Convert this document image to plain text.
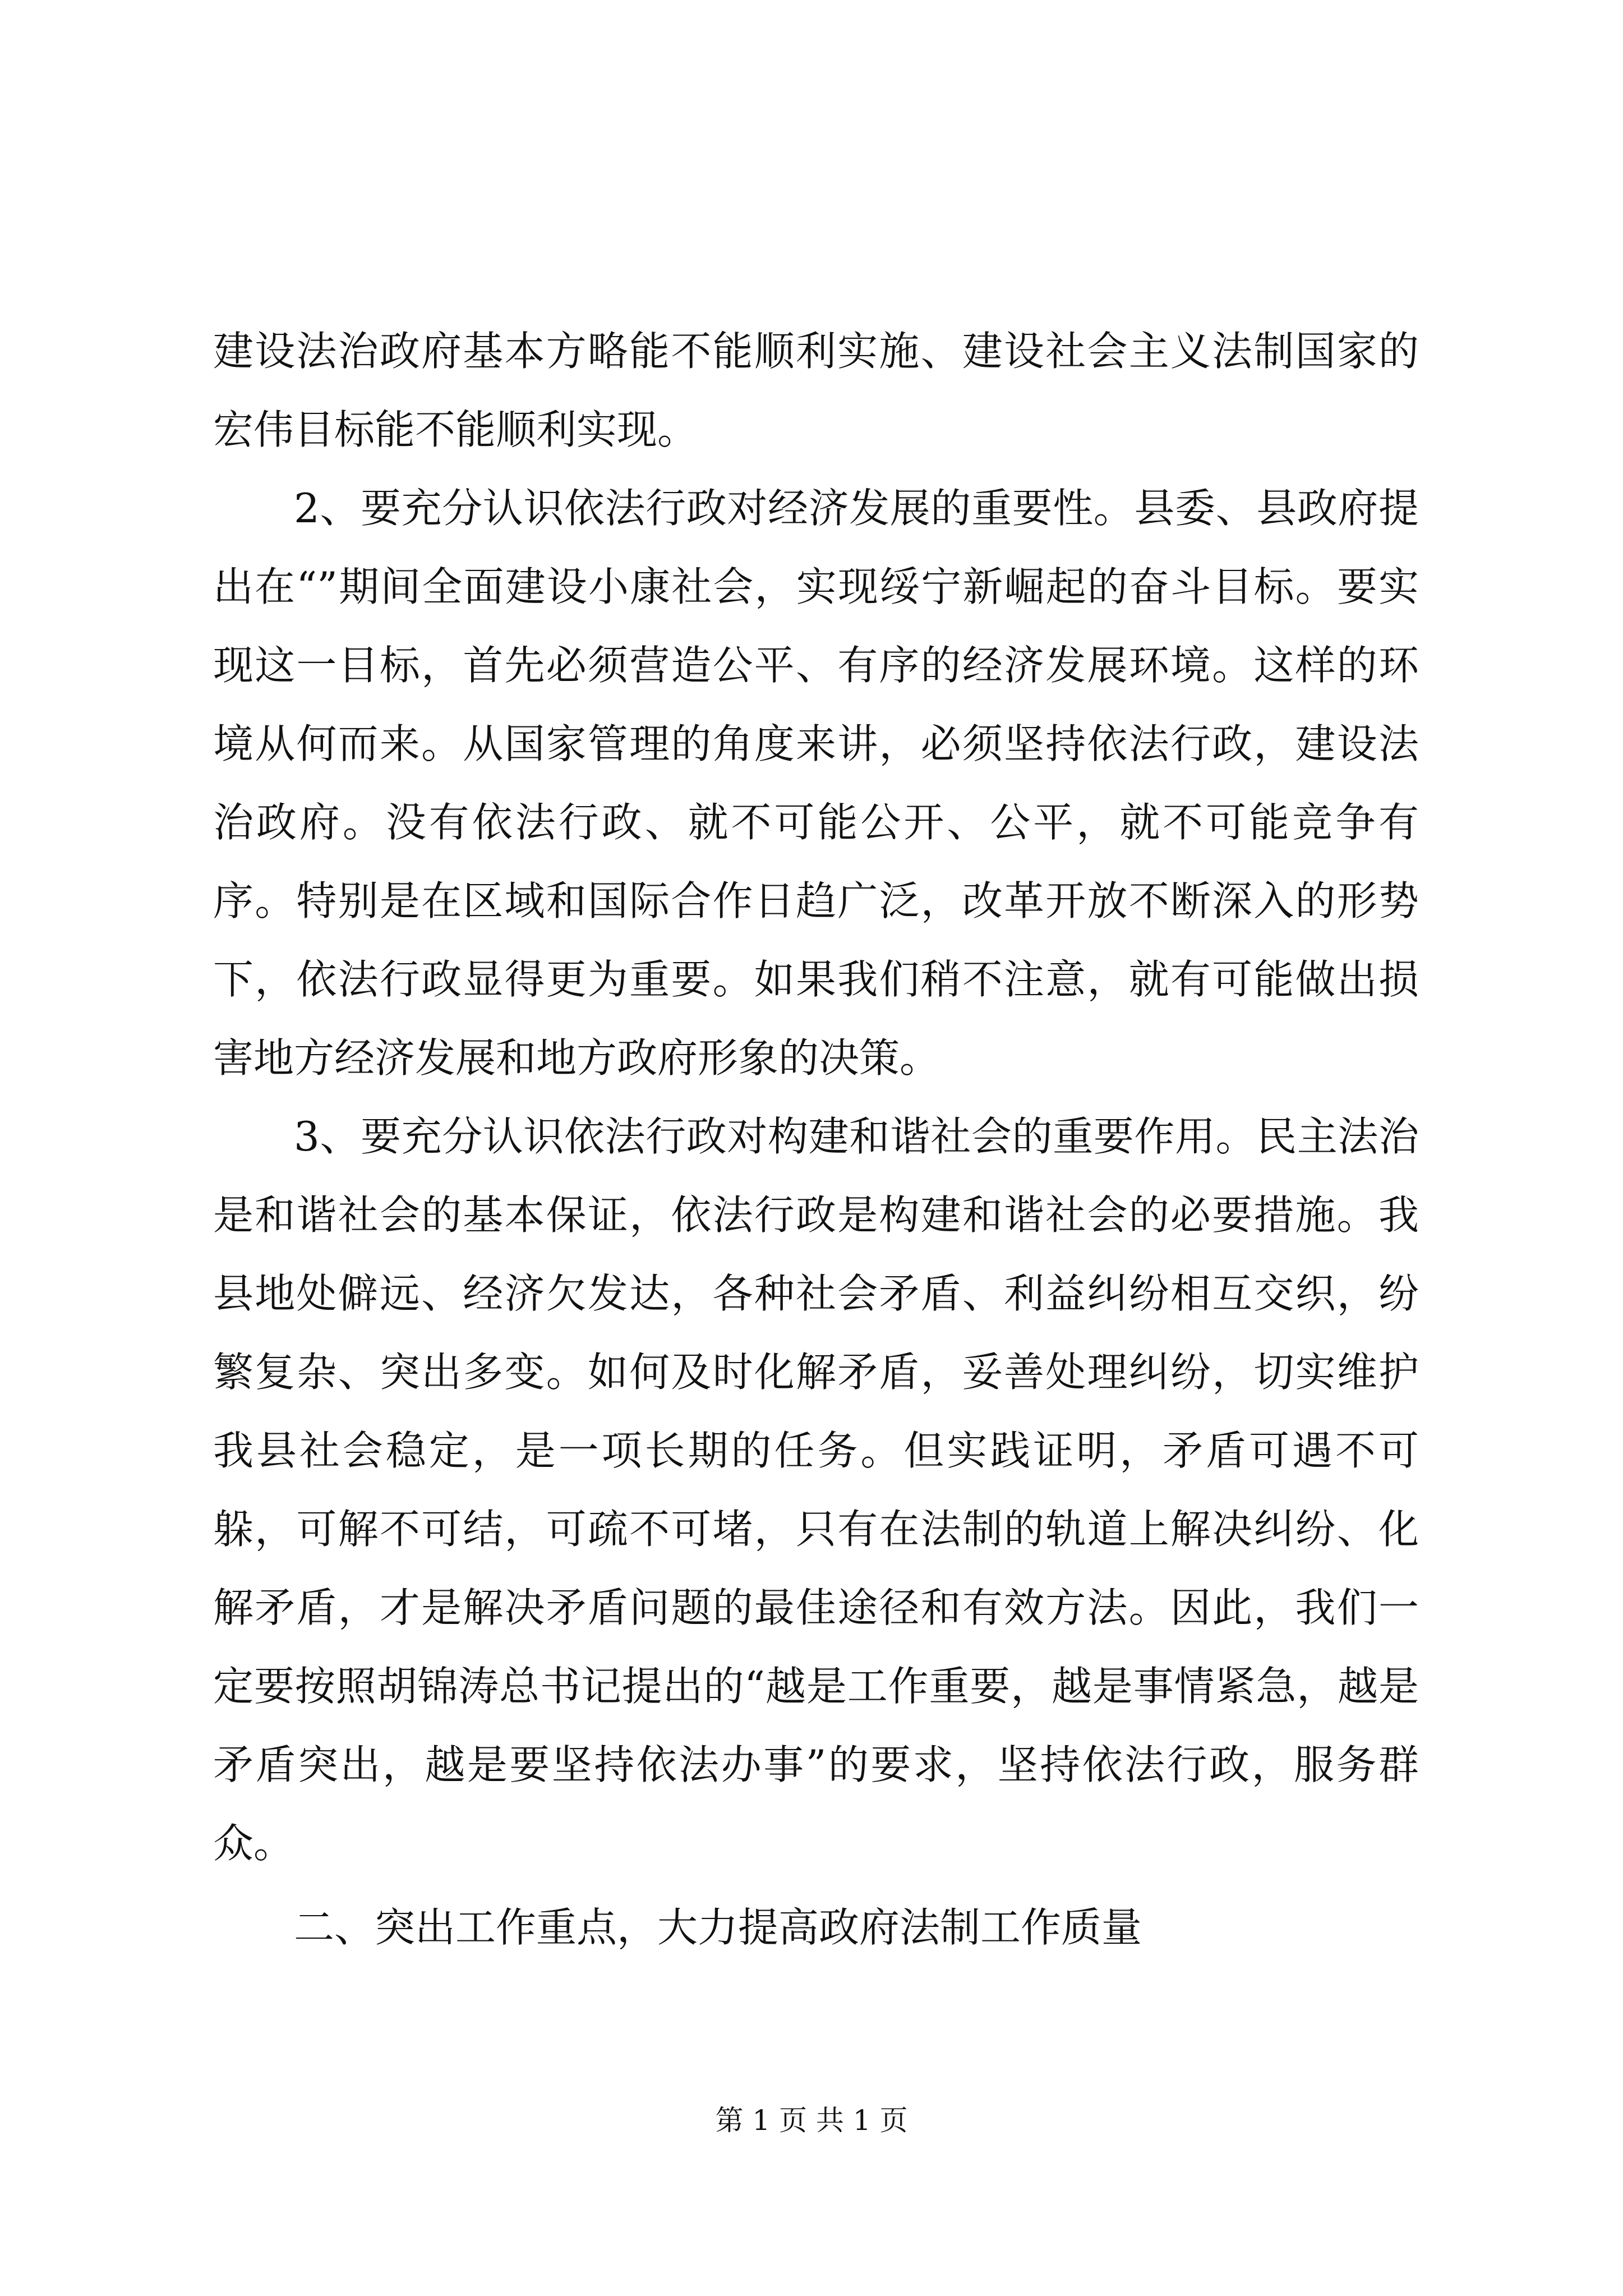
建设法治政府基本方略能不能顺利实施、建设社会主义法制国家的宏伟目标能不能顺利实现。

2、要充分认识依法行政对经济发展的重要性。县委、县政府提出在“”期间全面建设小康社会，实现绥宁新崛起的奋斗目标。要实现这一目标，首先必须营造公平、有序的经济发展环境。这样的环境从何而来。从国家管理的角度来讲，必须坚持依法行政，建设法治政府。没有依法行政、就不可能公开、公平，就不可能竞争有序。特别是在区域和国际合作日趋广泛，改革开放不断深入的形势下，依法行政显得更为重要。如果我们稍不注意，就有可能做出损害地方经济发展和地方政府形象的决策。

3、要充分认识依法行政对构建和谐社会的重要作用。民主法治是和谐社会的基本保证，依法行政是构建和谐社会的必要措施。我县地处僻远、经济欠发达，各种社会矛盾、利益纠纷相互交织，纷繁复杂、突出多变。如何及时化解矛盾，妥善处理纠纷，切实维护我县社会稳定，是一项长期的任务。但实践证明，矛盾可遇不可躲，可解不可结，可疏不可堵，只有在法制的轨道上解决纠纷、化解矛盾，才是解决矛盾问题的最佳途径和有效方法。因此，我们一定要按照胡锦涛总书记提出的“越是工作重要，越是事情紧急，越是矛盾突出，越是要坚持依法办事”的要求，坚持依法行政，服务群众。

二、突出工作重点，大力提高政府法制工作质量

第 1 页 共 1 页
